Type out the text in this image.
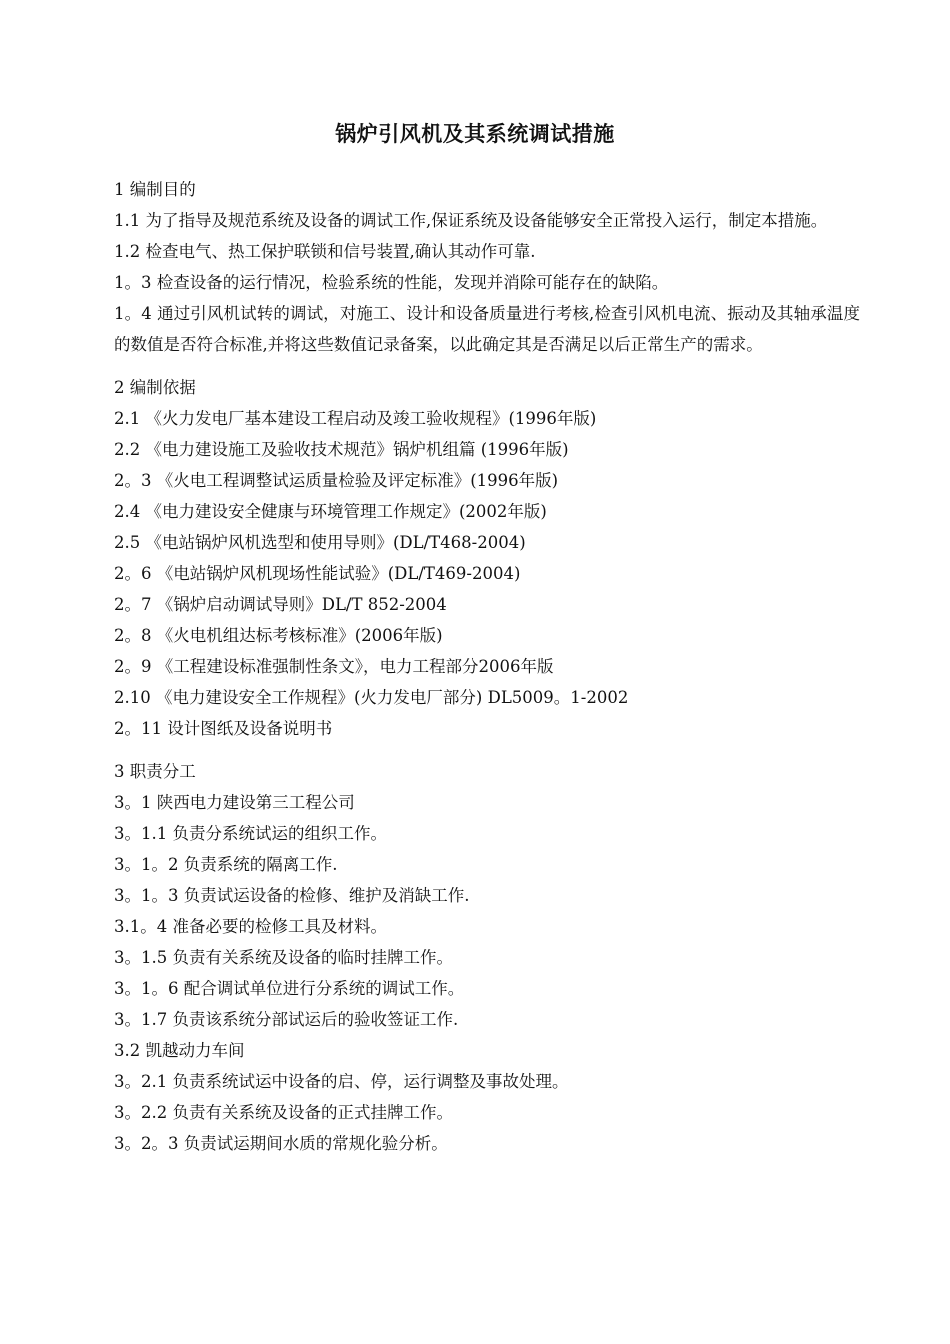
锅炉引风机及其系统调试措施

1 编制目的

1.1 为了指导及规范系统及设备的调试工作,保证系统及设备能够安全正常投入运行，制定本措施。

1.2 检查电气、热工保护联锁和信号装置,确认其动作可靠.

1。3 检查设备的运行情况，检验系统的性能，发现并消除可能存在的缺陷。

1。4 通过引风机试转的调试，对施工、设计和设备质量进行考核,检查引风机电流、振动及其轴承温度的数值是否符合标准,并将这些数值记录备案，以此确定其是否满足以后正常生产的需求。

2 编制依据

2.1 《火力发电厂基本建设工程启动及竣工验收规程》(1996年版)

2.2 《电力建设施工及验收技术规范》锅炉机组篇 (1996年版)

2。3 《火电工程调整试运质量检验及评定标准》(1996年版)

2.4 《电力建设安全健康与环境管理工作规定》(2002年版)

2.5 《电站锅炉风机选型和使用导则》(DL/T468-2004)

2。6 《电站锅炉风机现场性能试验》(DL/T469-2004)

2。7 《锅炉启动调试导则》DL/T 852-2004

2。8 《火电机组达标考核标准》(2006年版)

2。9 《工程建设标准强制性条文》，电力工程部分2006年版

2.10 《电力建设安全工作规程》(火力发电厂部分) DL5009。1-2002

2。11 设计图纸及设备说明书

3 职责分工

3。1 陕西电力建设第三工程公司

3。1.1 负责分系统试运的组织工作。

3。1。2 负责系统的隔离工作.

3。1。3 负责试运设备的检修、维护及消缺工作.

3.1。4 准备必要的检修工具及材料。

3。1.5 负责有关系统及设备的临时挂牌工作。

3。1。6 配合调试单位进行分系统的调试工作。

3。1.7 负责该系统分部试运后的验收签证工作.

3.2 凯越动力车间

3。2.1 负责系统试运中设备的启、停，运行调整及事故处理。

3。2.2 负责有关系统及设备的正式挂牌工作。

3。2。3 负责试运期间水质的常规化验分析。
